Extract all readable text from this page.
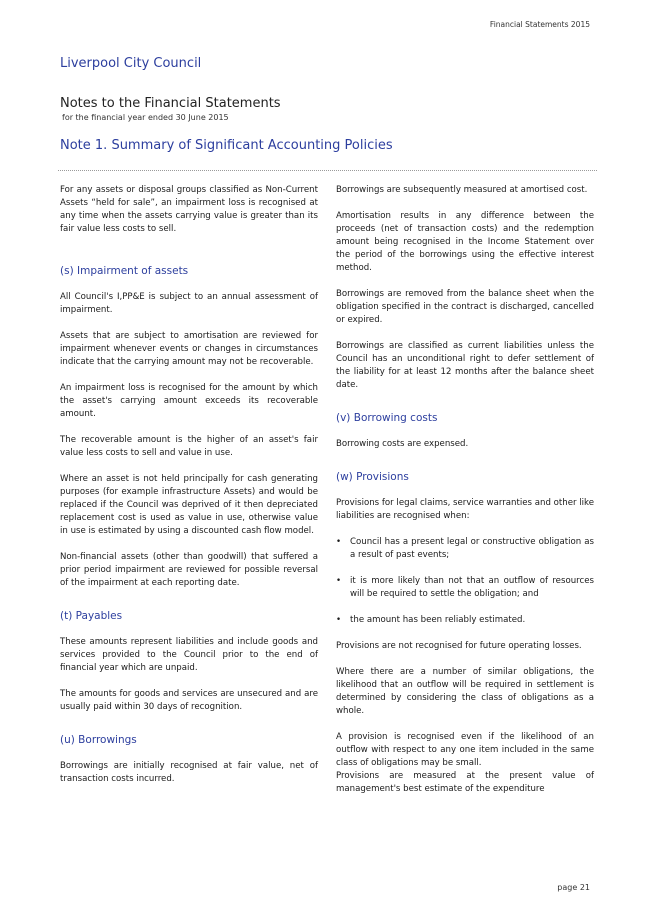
Financial Statements 2015
Liverpool City Council
Notes to the Financial Statements
for the financial year ended 30 June 2015
Note 1. Summary of Significant Accounting Policies

For any assets or disposal groups classified as Non-Current Assets “held for sale”, an impairment loss is recognised at any time when the assets carrying value is greater than its fair value less costs to sell.

(s) Impairment of assets

All Council's I,PP&E is subject to an annual assessment of impairment.

Assets that are subject to amortisation are reviewed for impairment whenever events or changes in circumstances indicate that the carrying amount may not be recoverable.

An impairment loss is recognised for the amount by which the asset's carrying amount exceeds its recoverable amount.

The recoverable amount is the higher of an asset's fair value less costs to sell and value in use.

Where an asset is not held principally for cash generating purposes (for example infrastructure Assets) and would be replaced if the Council was deprived of it then depreciated replacement cost is used as value in use, otherwise value in use is estimated by using a discounted cash flow model.

Non-financial assets (other than goodwill) that suffered a prior period impairment are reviewed for possible reversal of the impairment at each reporting date.

(t) Payables

These amounts represent liabilities and include goods and services provided to the Council prior to the end of financial year which are unpaid.

The amounts for goods and services are unsecured and are usually paid within 30 days of recognition.

(u) Borrowings

Borrowings are initially recognised at fair value, net of transaction costs incurred.

Borrowings are subsequently measured at amortised cost.

Amortisation results in any difference between the proceeds (net of transaction costs) and the redemption amount being recognised in the Income Statement over the period of the borrowings using the effective interest method.

Borrowings are removed from the balance sheet when the obligation specified in the contract is discharged, cancelled or expired.

Borrowings are classified as current liabilities unless the Council has an unconditional right to defer settlement of the liability for at least 12 months after the balance sheet date.

(v) Borrowing costs

Borrowing costs are expensed.

(w) Provisions

Provisions for legal claims, service warranties and other like liabilities are recognised when:

• Council has a present legal or constructive obligation as a result of past events;
• it is more likely than not that an outflow of resources will be required to settle the obligation; and
• the amount has been reliably estimated.

Provisions are not recognised for future operating losses.

Where there are a number of similar obligations, the likelihood that an outflow will be required in settlement is determined by considering the class of obligations as a whole.

A provision is recognised even if the likelihood of an outflow with respect to any one item included in the same class of obligations may be small.

Provisions are measured at the present value of management's best estimate of the expenditure

page 21
